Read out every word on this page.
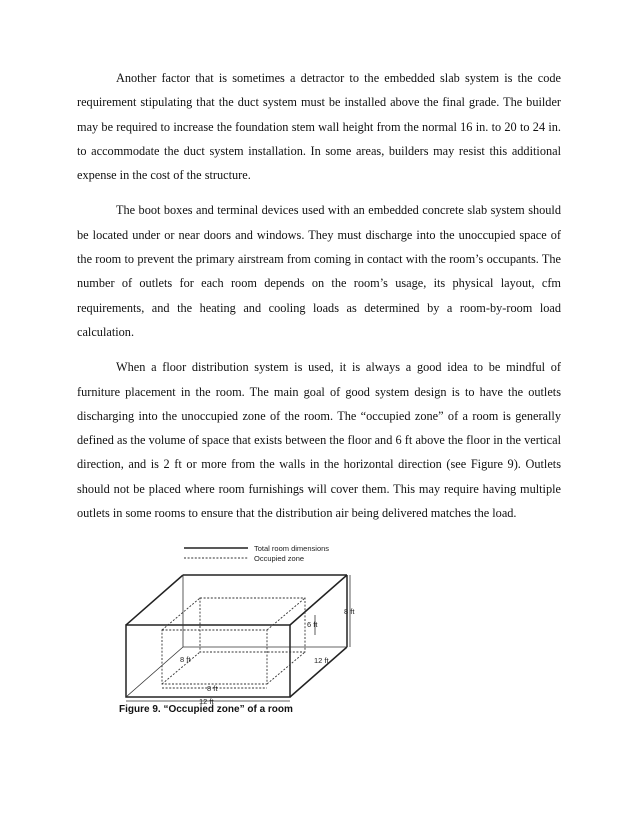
Another factor that is sometimes a detractor to the embedded slab system is the code requirement stipulating that the duct system must be installed above the final grade. The builder may be required to increase the foundation stem wall height from the normal 16 in. to 20 to 24 in. to accommodate the duct system installation. In some areas, builders may resist this additional expense in the cost of the structure.

The boot boxes and terminal devices used with an embedded concrete slab system should be located under or near doors and windows. They must discharge into the unoccupied space of the room to prevent the primary airstream from coming in contact with the room’s occupants. The number of outlets for each room depends on the room’s usage, its physical layout, cfm requirements, and the heating and cooling loads as determined by a room-by-room load calculation.

When a floor distribution system is used, it is always a good idea to be mindful of furniture placement in the room. The main goal of good system design is to have the outlets discharging into the unoccupied zone of the room. The “occupied zone” of a room is generally defined as the volume of space that exists between the floor and 6 ft above the floor in the vertical direction, and is 2 ft or more from the walls in the horizontal direction (see Figure 9). Outlets should not be placed where room furnishings will cover them. This may require having multiple outlets in some rooms to ensure that the distribution air being delivered matches the load.

Total room dimensions
Occupied zone
8 ft
6 ft
12 ft
8 ft
8 ft
12 ft
Figure 9. “Occupied zone” of a room
